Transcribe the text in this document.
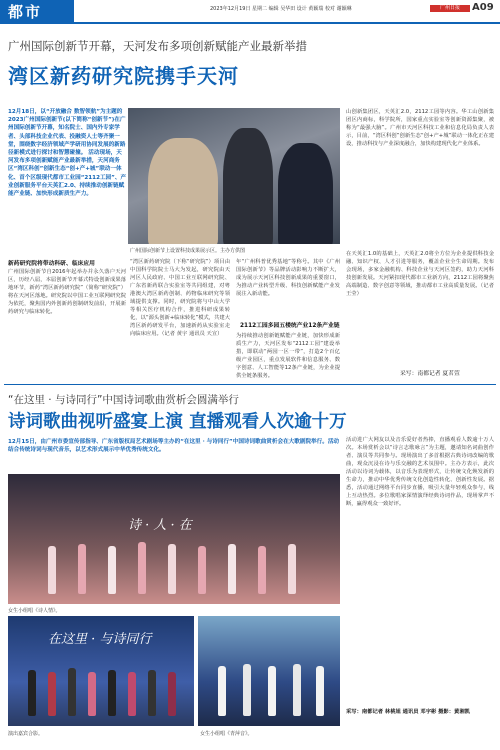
都市	2023年12月19日 星期二 编辑 吴华田 设计 黄颖瑞 校对 谢颖琳	广州日报	A09
广州国际创新节开幕，天河发布多项创新赋能产业最新举措
湾区新药研究院携手天河
12月18日，以“开放融合 数智领航”为主题的2023广州国际创新节(以下简称“创新节”)在广州国际创新节开幕，知名院士、国内外专家学者、头部科技企业代表、投融资人士等齐聚一堂，围绕数字经济领域产学研用协同发展的新路径新模式进行探讨和智慧碰撞。 活动现场，天河发布多项创新赋能产业最新举措，天河商务区“湾区科创”创新生态“创+产+城”联动一体化、首个区级现代都市工业园“2112工园”、产业创新服务平台天英汇2.0、持续推动创新链赋能产业链、加快形成新质生产力。
广州国际创新节上设置科技成果展示区。主办方供图
新药研究院将带动科研、临床应用
广州国际创新节自2016年起举办并永久落户天河区，历经八届，本届创新节开幕式特设创新成果落地环节，新药“湾区新药研究院”（简称“研究院”）将在天河区落地。研究院以中国工业互联网研究院为依托，聚焦国内外创新药创制研发前沿，开展新药研究与临床转化。
“湾区新药研究院（下称“研究院”）项目由中国科学院院士马大为发起，研究院由天河区人民政府、中国工业互联网研究院、广东省新药联合实验室等共同组建，对粤港澳大湾区新药创制、药物临床研究等领域提供支撑。同时，研究院将与中山大学等相关医疗机构合作，推进科研成果转化，以“源头创新+临床转化”模式，共建大湾区新药研发平台，加速新药从实验室走向临床应用。（记者 黄宇 通讯员 天宣）
年“广州科普优秀基地”等称号。其中《广州国际创新节》等品牌活动影响力不断扩大，成为展示天河区科技创新成果的重要窗口，为推动产业转型升级、科技创新赋能产业发展注入新动能。
2112工园多园五楼统产业12条产业链
为持续推动创新链赋能产业链，加快形成新质生产力，天河区发布“2112工园”建设举措，即联动“两园一区一带”，打造2个百亿级产业园区，重点发展软件和信息服务、数字创意、人工智能等12条产业链，为企业提供全链条服务。
山创新集团区，天英汇2.0，2112工园等内容。华工山创新集团区内商标，科学院所，国家重点实验室等创新资源集聚，被称为“最强大脑”。广州市天河区科技工业和信息化局负责人表示，目前，“湾区科创”创新生态“创+产+城”联动一体化正在建设，推动科技与产业深度融合，加快构建现代化产业体系。
在天英汇1.0的基础上，天英汇2.0将全方位为企业提供科技金融、知识产权、人才引进等服务，覆盖企业全生命周期。发布会现场，多家金融机构、科技企业与天河区签约，助力天河科技创新发展。天河紧扣现代都市工业新方向，2112工园将聚焦高端制造、数字创意等领域，推动都市工业高质量发展。（记者 王莹）
采写：南都记者 夏茗萱
“在这里 · 与诗同行”中国诗词歌曲赏析会圆满举行
诗词歌曲视听盛宴上演 直播观看人次逾十万
12月15日，由广州市委宣传部指导、广东省版权局艺术剧场等主办的“在这里 · 与诗同行”中国诗词歌曲赏析会在大歌剧院举行。活动结合传统诗词与现代音乐，以艺术形式展示中华优秀传统文化。
诗 · 人 · 在
女生小组唱《诗人情》。
在这里 · 与诗同行
演出嘉宾合影。	女生小组唱《青萍音》。
活动进广大网友以及音乐爱好者热捧，直播观看人数逾十万人次。本场赏析会以“诗言志歌咏言”为主题，邀请知名词曲创作者、演员等共同参与。现场演出了多首根据古典诗词改编的歌曲，观众沉浸在诗与乐交融的艺术氛围中。主办方表示，此次活动以诗词为载体，以音乐为表现形式，让传统文化焕发新的生命力，推动中华优秀传统文化创造性转化、创新性发展。据悉，活动通过网络平台同步直播，吸引大量年轻观众参与，线上互动热烈。多位歌唱家深情演绎经典诗词作品，现场掌声不断，赢得观众一致好评。
采写：南都记者 林桃姐 通讯员 邓宇彬 摄影：黄湘凯
